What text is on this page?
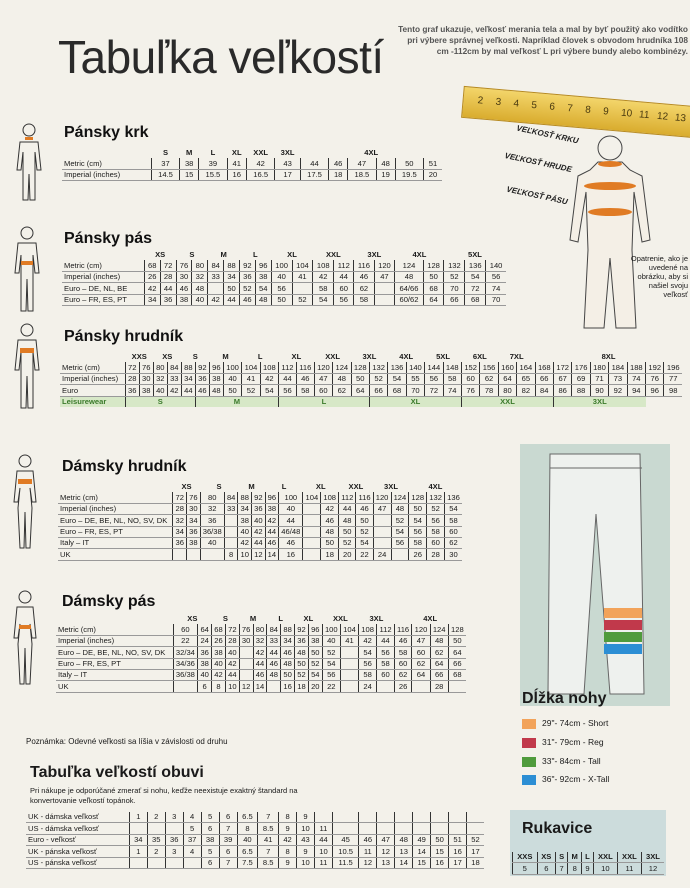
Tabuľka veľkostí
Tento graf ukazuje, veľkosť merania tela a mal by byť použitý ako vodítko pri výbere správnej veľkosti. Napríklad človek s obvodom hrudníka 108 cm -112cm by mal veľkosť L pri výbere bundy alebo kombinézy.
2 3 4 5 6 7 8 9 10 11 12 13
VEĽKOSŤ KRKU
VEĽKOSŤ HRUDE
VEĽKOSŤ PÁSU
Opatrenie, ako je uvedené na obrázku, aby si našiel svoju veľkosť
Pánsky krk
Pánsky pás
Pánsky hrudník
Dámsky hrudník
Dámsky pás
	S	M	L	XL	XXL	3XL	4XL					
Metric (cm)	37	38	39	41	42	43	44	46	47	48	50	51
Imperial (inches)	14.5	15	15.5	16	16.5	17	17.5	18	18.5	19	19.5	20
	XS		S		M		L		XL		XXL		3XL		4XL		5XL		
Metric (cm)	68	72	76	80	84	88	92	96	100	104	108	112	116	120	124	128	132	136	140
Imperial (inches)	26	28	30	32	33	34	36	38	40	41	42	44	46	47	48	50	52	54	56
Euro – DE, NL, BE	42	44	46	48		50	52	54	56		58	60	62		64/66	68	70	72	74
Euro – FR, ES, PT	34	36	38	40	42	44	46	48	50	52	54	56	58		60/62	64	66	68	70
	XXS		XS		S		M		L		XL		XXL		3XL		4XL		5XL		6XL		7XL		8XL							
Metric (cm)	72	76	80	84	88	92	96	100	104	108	112	116	120	124	128	132	136	140	144	148	152	156	160	164	168	172	176	180	184	188	192	196
Imperial (inches)	28	30	32	33	34	36	38	40	41	42	44	46	47	48	50	52	54	55	56	58	60	62	64	65	66	67	69	71	73	74	76	77
Euro	36	38	40	42	44	46	48	50	52	54	56	58	60	62	64	66	68	70	72	74	76	78	80	82	84	86	88	90	92	94	96	98
Leisurewear	S					M					L					XL					XXL					3XL						
	XS		S		M		L		XL		XXL		3XL		4XL		
Metric (cm)	72	76	80	84	88	92	96	100	104	108	112	116	120	124	128	132	136
Imperial (inches)	28	30	32	33	34	36	38	40		42	44	46	47	48	50	52	54
Euro – DE, BE, NL, NO, SV, DK	32	34	36		38	40	42	44		46	48	50		52	54	56	58
Euro – FR, ES, PT	34	36	36/38		40	42	44	46/48		48	50	52		54	56	58	60
Italy – IT	36	38	40		42	44	46	46		50	52	54		56	58	60	62
UK				8	10	12	14	16		18	20	22	24		26	28	30
	XS		S		M		L		XL		XXL		3XL		4XL			
Metric (cm)	60	64	68	72	76	80	84	88	92	96	100	104	108	112	116	120	124	128
Imperial (inches)	22	24	26	28	30	32	33	34	36	38	40	41	42	44	46	47	48	50
Euro – DE, BE, NL, NO, SV, DK	32/34	36	38	40		42	44	46	48	50	52		54	56	58	60	62	64
Euro – FR, ES, PT	34/36	38	40	42		44	46	48	50	52	54		56	58	60	62	64	66
Italy – IT	36/38	40	42	44		46	48	50	52	54	56		58	60	62	64	66	68
UK		6	8	10	12	14		16	18	20	22		24		26		28	
Poznámka: Odevné veľkosti sa líšia v závislosti od druhu
Tabuľka veľkostí obuvi
Pri nákupe je odporúčané zmerať si nohu, keďže neexistuje exaktný štandard na konvertovanie veľkostí topánok.
UK - dámska veľkosť	1	2	3	4	5	6	6.5	7	8	9									
US - dámska veľkosť				5	6	7	8	8.5	9	10	11								
Euro - veľkosť	34	35	36	37	38	39	40	41	42	43	44	45	46	47	48	49	50	51	52
UK - pánska veľkosť	1	2	3	4	5	6	6.5	7	8	9	10	10.5	11	12	13	14	15	16	17
US - pánska veľkosť					6	7	7.5	8.5	9	10	11	11.5	12	13	14	15	16	17	18
Dĺžka nohy
29"- 74cm - Short
31"- 79cm - Reg
33"- 84cm - Tall
36"- 92cm - X-Tall
Rukavice
XXS	XS	S	M	L	XXL	XXL	3XL
5	6	7	8	9	10	11	12
